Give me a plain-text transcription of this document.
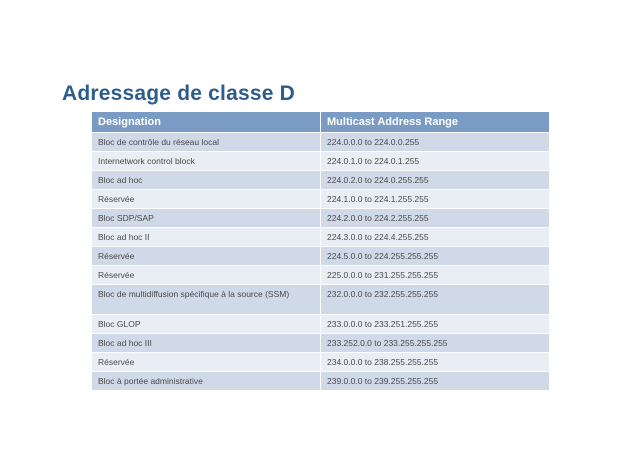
Adressage de classe D
Designation	Multicast Address Range
Bloc de contrôle du réseau local	224.0.0.0 to 224.0.0.255
Internetwork control block	224.0.1.0 to 224.0.1.255
Bloc ad hoc	224.0.2.0 to 224.0.255.255
Réservée	224.1.0.0 to 224.1.255.255
Bloc SDP/SAP	224.2.0.0 to 224.2.255.255
Bloc ad hoc II	224.3.0.0 to 224.4.255.255
Réservée	224.5.0.0 to 224.255.255.255
Réservée	225.0.0.0 to 231.255.255.255
Bloc de multidiffusion spécifique à la source (SSM)	232.0.0.0 to 232.255.255.255
Bloc GLOP	233.0.0.0 to 233.251.255.255
Bloc ad hoc III	233.252.0.0 to 233.255.255.255
Réservée	234.0.0.0 to 238.255.255.255
Bloc à portée administrative	239.0.0.0 to 239.255.255.255
